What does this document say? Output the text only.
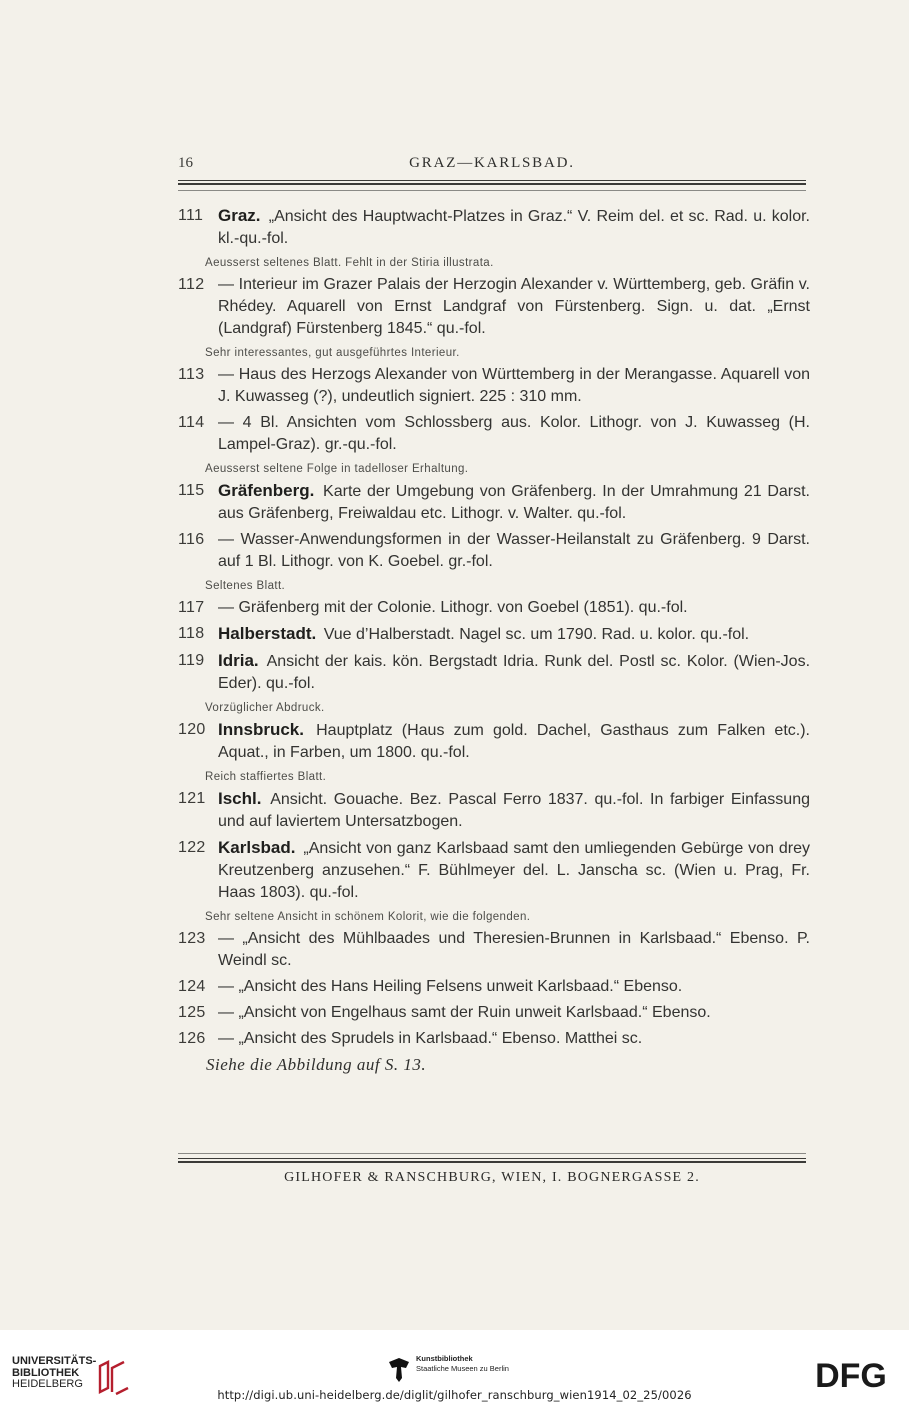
16	GRAZ—KARLSBAD.
111 Graz. „Ansicht des Hauptwacht-Platzes in Graz.“ V. Reim del. et sc. Rad. u. kolor. kl.-qu.-fol.
Aeusserst seltenes Blatt. Fehlt in der Stiria illustrata.
112 — Interieur im Grazer Palais der Herzogin Alexander v. Württemberg, geb. Gräfin v. Rhédey. Aquarell von Ernst Landgraf von Fürstenberg. Sign. u. dat. „Ernst (Landgraf) Fürstenberg 1845.“ qu.-fol.
Sehr interessantes, gut ausgeführtes Interieur.
113 — Haus des Herzogs Alexander von Württemberg in der Merangasse. Aquarell von J. Kuwasseg (?), undeutlich signiert. 225 : 310 mm.
114 — 4 Bl. Ansichten vom Schlossberg aus. Kolor. Lithogr. von J. Kuwasseg (H. Lampel-Graz). gr.-qu.-fol.
Aeusserst seltene Folge in tadelloser Erhaltung.
115 Gräfenberg. Karte der Umgebung von Gräfenberg. In der Umrahmung 21 Darst. aus Gräfenberg, Freiwaldau etc. Lithogr. v. Walter. qu.-fol.
116 — Wasser-Anwendungsformen in der Wasser-Heilanstalt zu Gräfenberg. 9 Darst. auf 1 Bl. Lithogr. von K. Goebel. gr.-fol.
Seltenes Blatt.
117 — Gräfenberg mit der Colonie. Lithogr. von Goebel (1851). qu.-fol.
118 Halberstadt. Vue d’Halberstadt. Nagel sc. um 1790. Rad. u. kolor. qu.-fol.
119 Idria. Ansicht der kais. kön. Bergstadt Idria. Runk del. Postl sc. Kolor. (Wien-Jos. Eder). qu.-fol.
Vorzüglicher Abdruck.
120 Innsbruck. Hauptplatz (Haus zum gold. Dachel, Gasthaus zum Falken etc.). Aquat., in Farben, um 1800. qu.-fol.
Reich staffiertes Blatt.
121 Ischl. Ansicht. Gouache. Bez. Pascal Ferro 1837. qu.-fol. In farbiger Einfassung und auf laviertem Untersatzbogen.
122 Karlsbad. „Ansicht von ganz Karlsbaad samt den umliegenden Gebürge von drey Kreutzenberg anzusehen.“ F. Bühlmeyer del. L. Janscha sc. (Wien u. Prag, Fr. Haas 1803). qu.-fol.
Sehr seltene Ansicht in schönem Kolorit, wie die folgenden.
123 — „Ansicht des Mühlbaades und Theresien-Brunnen in Karlsbaad.“ Ebenso. P. Weindl sc.
124 — „Ansicht des Hans Heiling Felsens unweit Karlsbaad.“ Ebenso.
125 — „Ansicht von Engelhaus samt der Ruin unweit Karlsbaad.“ Ebenso.
126 — „Ansicht des Sprudels in Karlsbaad.“ Ebenso. Matthei sc.
Siehe die Abbildung auf S. 13.
GILHOFER & RANSCHBURG, WIEN, I. BOGNERGASSE 2.
UNIVERSITÄTS-
BIBLIOTHEK
HEIDELBERG
Kunstbibliothek
Staatliche Museen zu Berlin	DFG
http://digi.ub.uni-heidelberg.de/diglit/gilhofer_ranschburg_wien1914_02_25/0026
